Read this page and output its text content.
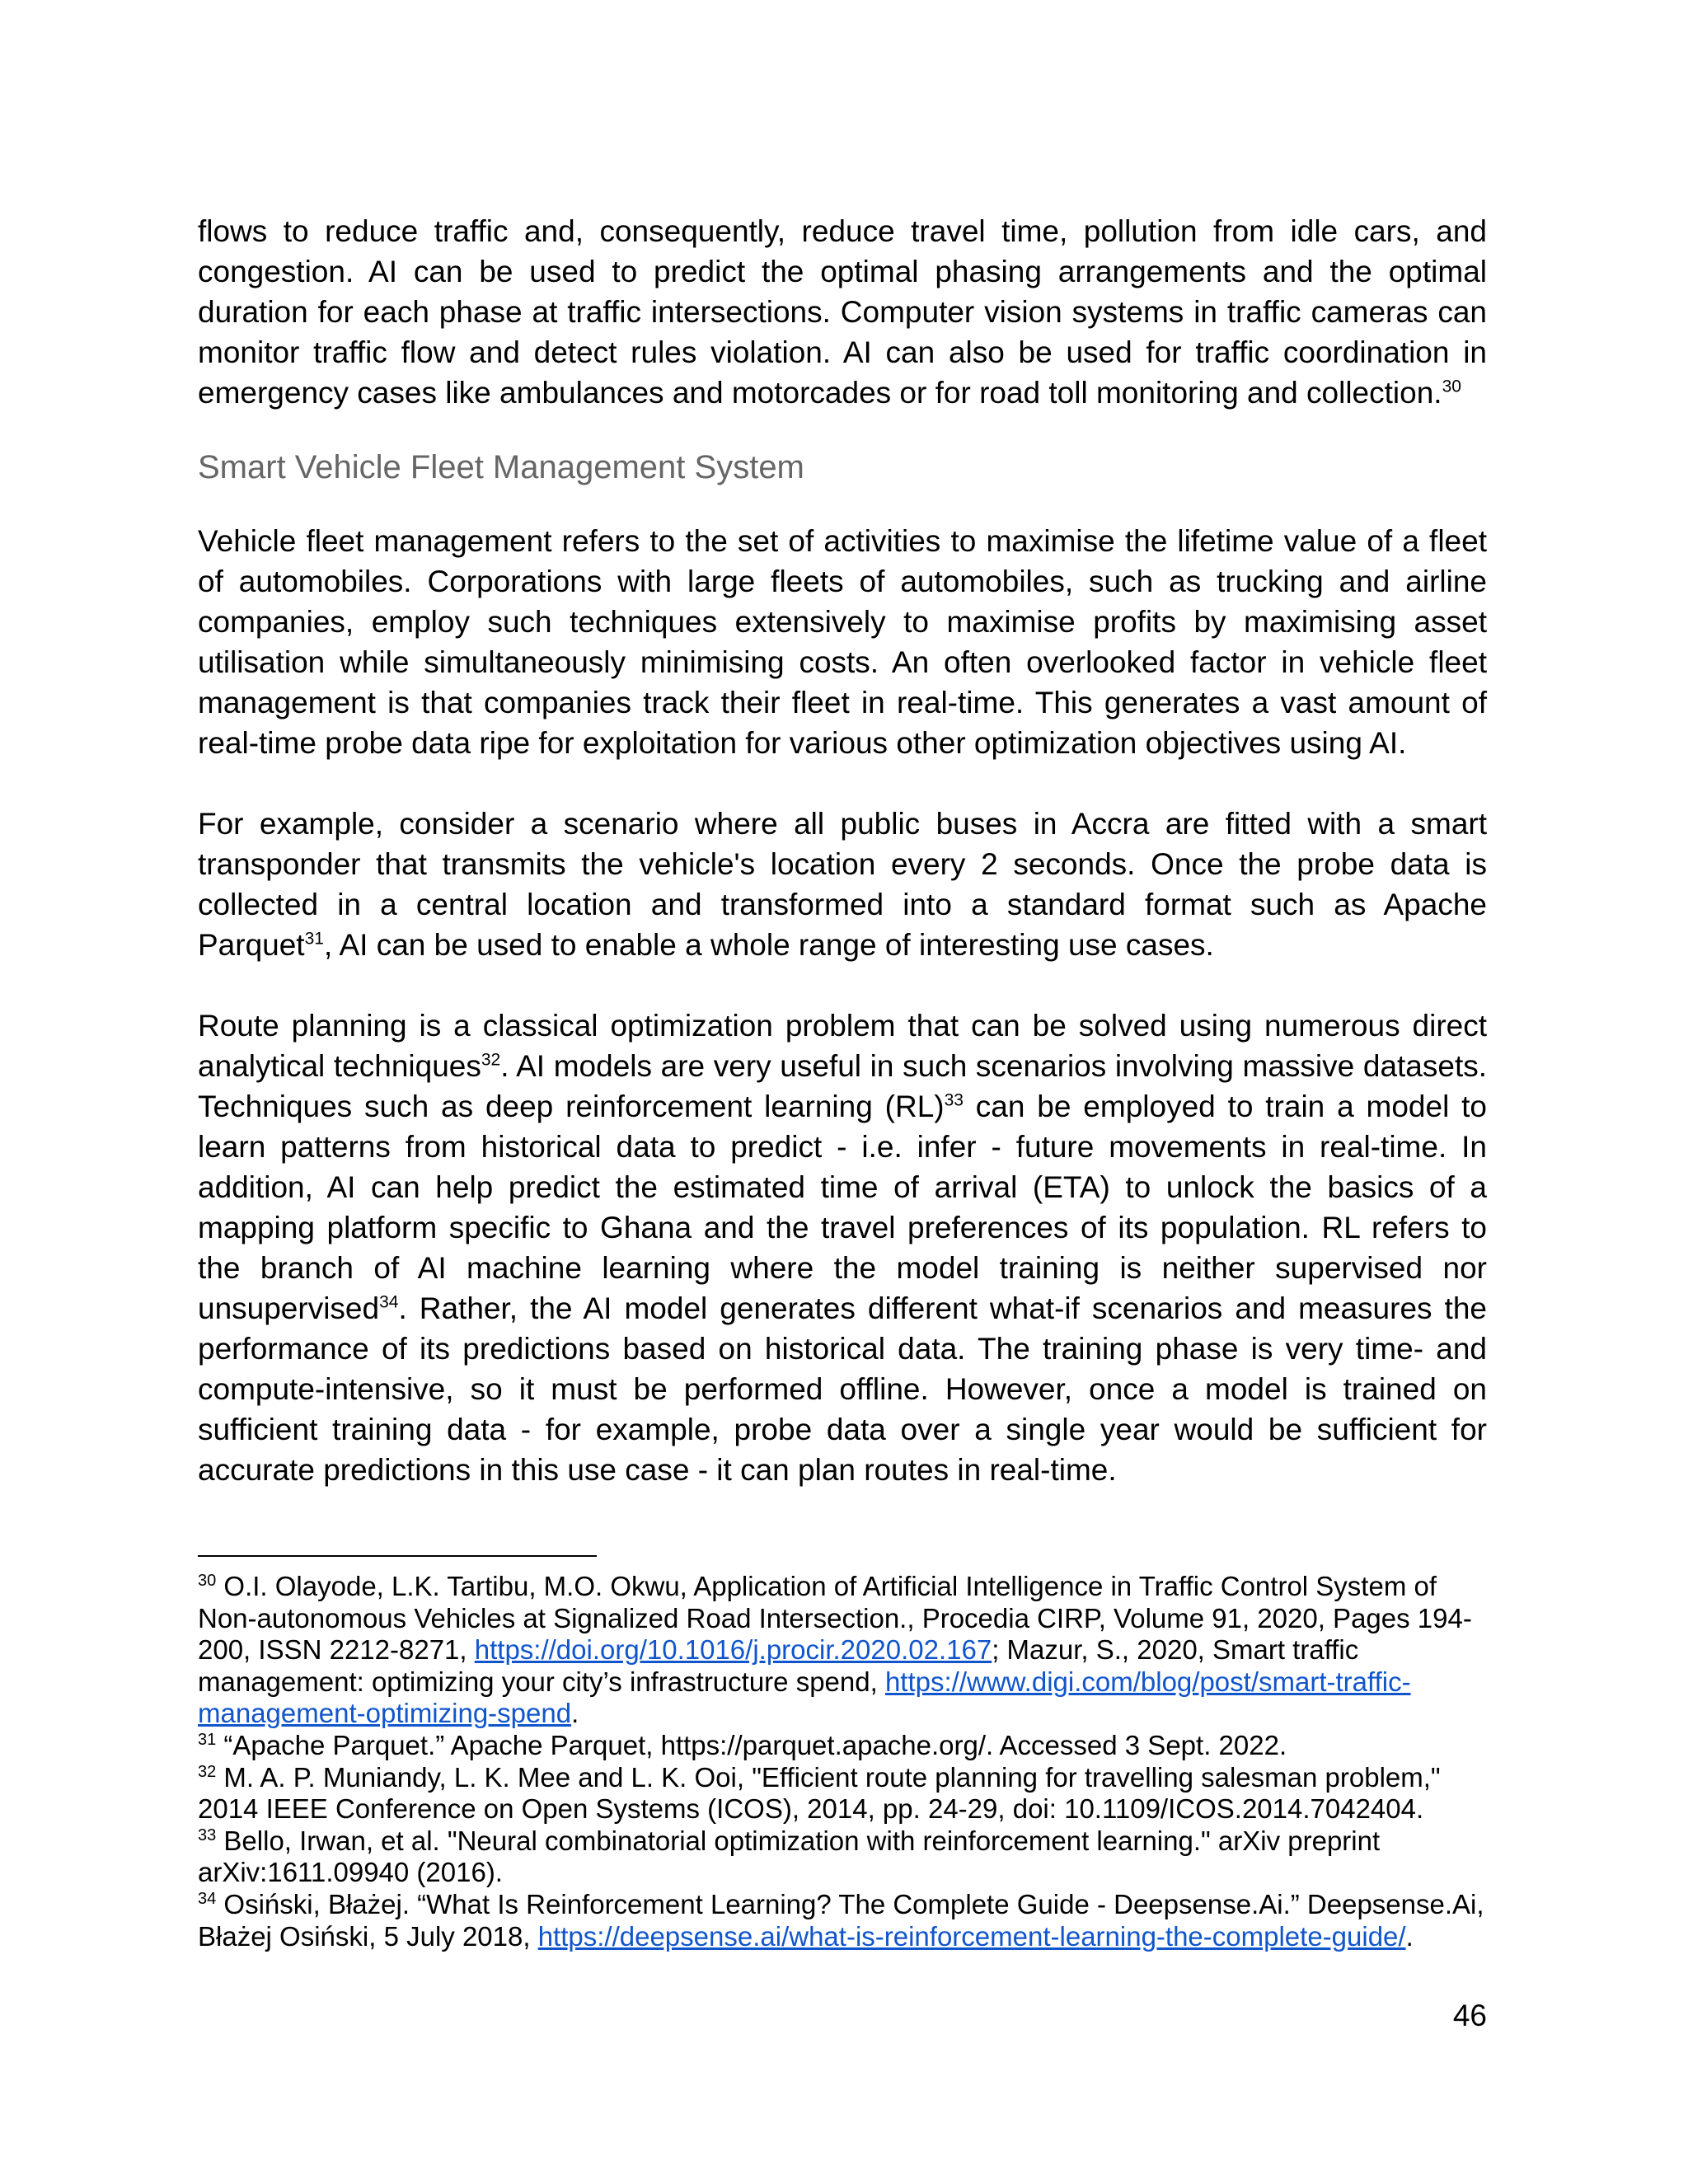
flows to reduce traffic and, consequently, reduce travel time, pollution from idle cars, and congestion. AI can be used to predict the optimal phasing arrangements and the optimal duration for each phase at traffic intersections. Computer vision systems in traffic cameras can monitor traffic flow and detect rules violation. AI can also be used for traffic coordination in emergency cases like ambulances and motorcades or for road toll monitoring and collection.$^{30}$

Smart Vehicle Fleet Management System

Vehicle fleet management refers to the set of activities to maximise the lifetime value of a fleet of automobiles. Corporations with large fleets of automobiles, such as trucking and airline companies, employ such techniques extensively to maximise profits by maximising asset utilisation while simultaneously minimising costs. An often overlooked factor in vehicle fleet management is that companies track their fleet in real-time. This generates a vast amount of real-time probe data ripe for exploitation for various other optimization objectives using AI.

For example, consider a scenario where all public buses in Accra are fitted with a smart transponder that transmits the vehicle's location every 2 seconds. Once the probe data is collected in a central location and transformed into a standard format such as Apache Parquet$^{31}$, AI can be used to enable a whole range of interesting use cases.

Route planning is a classical optimization problem that can be solved using numerous direct analytical techniques$^{32}$. AI models are very useful in such scenarios involving massive datasets. Techniques such as deep reinforcement learning (RL)$^{33}$ can be employed to train a model to learn patterns from historical data to predict - i.e. infer - future movements in real-time. In addition, AI can help predict the estimated time of arrival (ETA) to unlock the basics of a mapping platform specific to Ghana and the travel preferences of its population. RL refers to the branch of AI machine learning where the model training is neither supervised nor unsupervised$^{34}$. Rather, the AI model generates different what-if scenarios and measures the performance of its predictions based on historical data. The training phase is very time- and compute-intensive, so it must be performed offline. However, once a model is trained on sufficient training data - for example, probe data over a single year would be sufficient for accurate predictions in this use case - it can plan routes in real-time.

$^{30}$ O.I. Olayode, L.K. Tartibu, M.O. Okwu, Application of Artificial Intelligence in Traffic Control System of Non-autonomous Vehicles at Signalized Road Intersection., Procedia CIRP, Volume 91, 2020, Pages 194-200, ISSN 2212-8271, https://doi.org/10.1016/j.procir.2020.02.167; Mazur, S., 2020, Smart traffic management: optimizing your city’s infrastructure spend, https://www.digi.com/blog/post/smart-traffic-management-optimizing-spend.

$^{31}$ “Apache Parquet.” Apache Parquet, https://parquet.apache.org/. Accessed 3 Sept. 2022.

$^{32}$ M. A. P. Muniandy, L. K. Mee and L. K. Ooi, "Efficient route planning for travelling salesman problem," 2014 IEEE Conference on Open Systems (ICOS), 2014, pp. 24-29, doi: 10.1109/ICOS.2014.7042404.

$^{33}$ Bello, Irwan, et al. "Neural combinatorial optimization with reinforcement learning." arXiv preprint arXiv:1611.09940 (2016).

$^{34}$ Osiński, Błażej. “What Is Reinforcement Learning? The Complete Guide - Deepsense.Ai.” Deepsense.Ai, Błażej Osiński, 5 July 2018, https://deepsense.ai/what-is-reinforcement-learning-the-complete-guide/.

46
